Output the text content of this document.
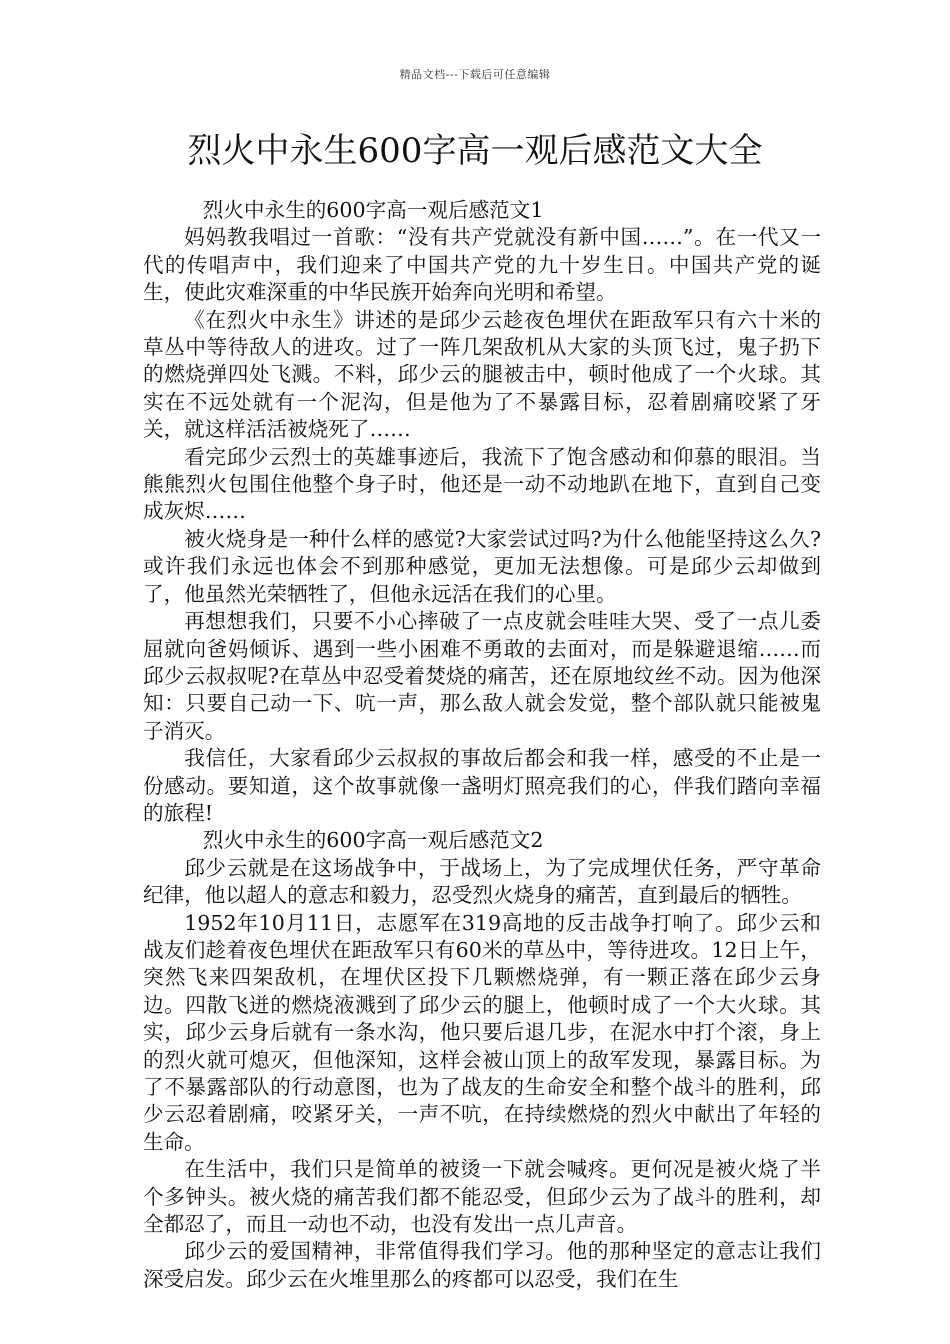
精品文档---下载后可任意编辑
烈火中永生600字高一观后感范文大全

烈火中永生的600字高一观后感范文1

妈妈教我唱过一首歌：“没有共产党就没有新中国……”。在一代又一代的传唱声中，我们迎来了中国共产党的九十岁生日。中国共产党的诞生，使此灾难深重的中华民族开始奔向光明和希望。

《在烈火中永生》讲述的是邱少云趁夜色埋伏在距敌军只有六十米的草丛中等待敌人的进攻。过了一阵几架敌机从大家的头顶飞过，鬼子扔下的燃烧弹四处飞溅。不料，邱少云的腿被击中，顿时他成了一个火球。其实在不远处就有一个泥沟，但是他为了不暴露目标，忍着剧痛咬紧了牙关，就这样活活被烧死了……

看完邱少云烈士的英雄事迹后，我流下了饱含感动和仰慕的眼泪。当熊熊烈火包围住他整个身子时，他还是一动不动地趴在地下，直到自己变成灰烬……

被火烧身是一种什么样的感觉?大家尝试过吗?为什么他能坚持这么久?或许我们永远也体会不到那种感觉，更加无法想像。可是邱少云却做到了，他虽然光荣牺牲了，但他永远活在我们的心里。

再想想我们，只要不小心摔破了一点皮就会哇哇大哭、受了一点儿委屈就向爸妈倾诉、遇到一些小困难不勇敢的去面对，而是躲避退缩……而邱少云叔叔呢?在草丛中忍受着焚烧的痛苦，还在原地纹丝不动。因为他深知：只要自己动一下、吭一声，那么敌人就会发觉，整个部队就只能被鬼子消灭。

我信任，大家看邱少云叔叔的事故后都会和我一样，感受的不止是一份感动。要知道，这个故事就像一盏明灯照亮我们的心，伴我们踏向幸福的旅程!

烈火中永生的600字高一观后感范文2

邱少云就是在这场战争中，于战场上，为了完成埋伏任务，严守革命纪律，他以超人的意志和毅力，忍受烈火烧身的痛苦，直到最后的牺牲。

1952年10月11日，志愿军在319高地的反击战争打响了。邱少云和战友们趁着夜色埋伏在距敌军只有60米的草丛中，等待进攻。12日上午，突然飞来四架敌机，在埋伏区投下几颗燃烧弹，有一颗正落在邱少云身边。四散飞迸的燃烧液溅到了邱少云的腿上，他顿时成了一个大火球。其实，邱少云身后就有一条水沟，他只要后退几步，在泥水中打个滚，身上的烈火就可熄灭，但他深知，这样会被山顶上的敌军发现，暴露目标。为了不暴露部队的行动意图，也为了战友的生命安全和整个战斗的胜利，邱少云忍着剧痛，咬紧牙关，一声不吭，在持续燃烧的烈火中献出了年轻的生命。

在生活中，我们只是简单的被烫一下就会喊疼。更何况是被火烧了半个多钟头。被火烧的痛苦我们都不能忍受，但邱少云为了战斗的胜利，却全都忍了，而且一动也不动，也没有发出一点儿声音。

邱少云的爱国精神，非常值得我们学习。他的那种坚定的意志让我们深受启发。邱少云在火堆里那么的疼都可以忍受，我们在生
